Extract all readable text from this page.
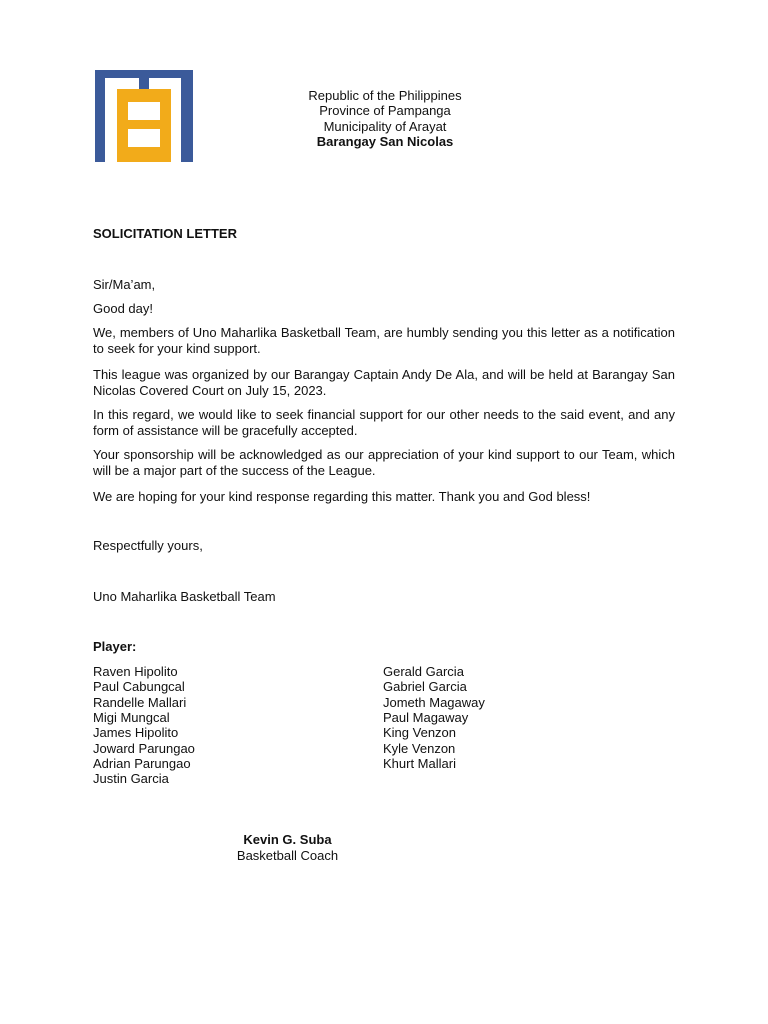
Republic of the Philippines
Province of Pampanga
Municipality of Arayat
Barangay San Nicolas
SOLICITATION LETTER
Sir/Ma’am,
Good day!
We, members of Uno Maharlika Basketball Team, are humbly sending you this letter as a notification to seek for your kind support.
This league was organized by our Barangay Captain Andy De Ala, and will be held at Barangay San Nicolas Covered Court on July 15, 2023.
In this regard, we would like to seek financial support for our other needs to the said event, and any form of assistance will be gracefully accepted.
Your sponsorship will be acknowledged as our appreciation of your kind support to our Team, which will be a major part of the success of the League.
We are hoping for your kind response regarding this matter. Thank you and God bless!
Respectfully yours,
Uno Maharlika Basketball Team
Player:
Raven Hipolito
Paul Cabungcal
Randelle Mallari
Migi Mungcal
James Hipolito
Joward Parungao
Adrian Parungao
Justin Garcia
Gerald Garcia
Gabriel Garcia
Jometh Magaway
Paul Magaway
King Venzon
Kyle Venzon
Khurt Mallari
Kevin G. Suba
Basketball Coach
